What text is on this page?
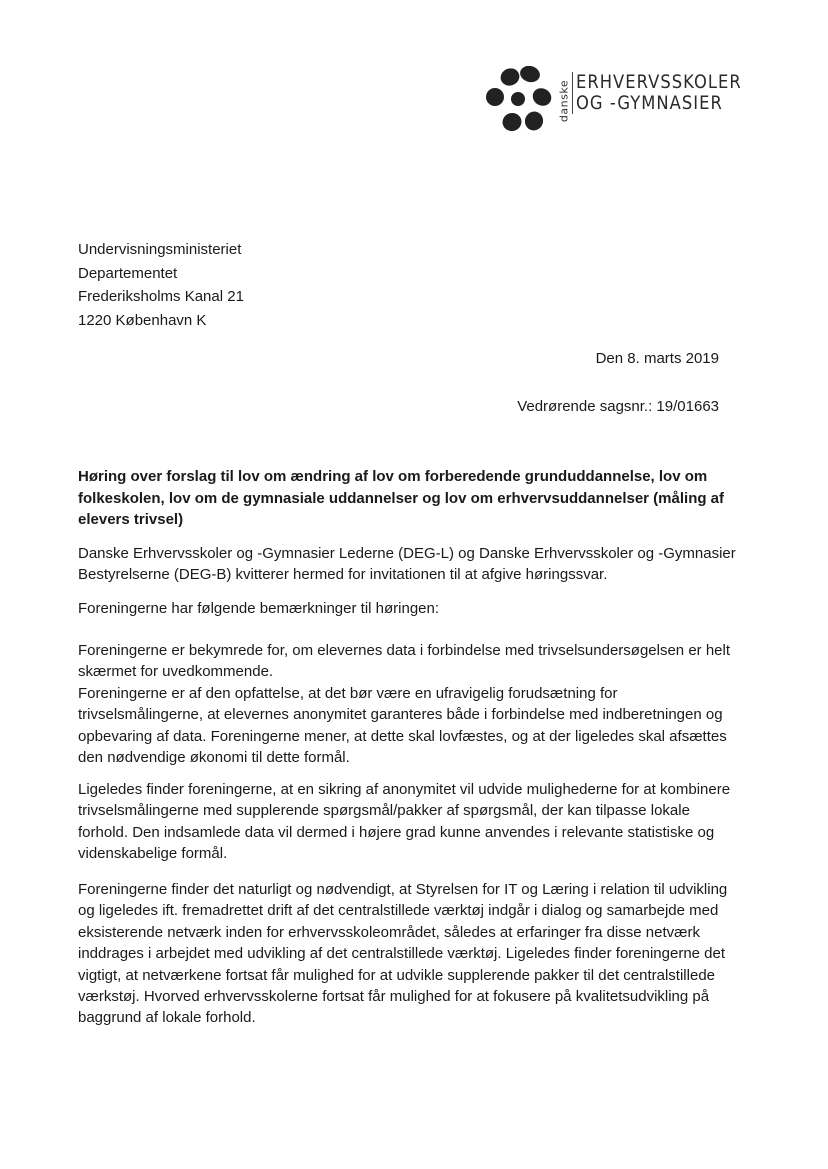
danske ERHVERVSSKOLER
OG -GYMNASIER
Undervisningsministeriet
Departementet
Frederiksholms Kanal 21
1220 København K
Den 8. marts 2019
Vedrørende sagsnr.: 19/01663
Høring over forslag til lov om ændring af lov om forberedende grunduddannelse, lov om folkeskolen, lov om de gymnasiale uddannelser og lov om erhvervsuddannelser (måling af elevers trivsel)

Danske Erhvervsskoler og -Gymnasier Lederne (DEG-L) og Danske Erhvervsskoler og -Gymnasier Bestyrelserne (DEG-B) kvitterer hermed for invitationen til at afgive høringssvar.

Foreningerne har følgende bemærkninger til høringen:

Foreningerne er bekymrede for, om elevernes data i forbindelse med trivselsundersøgelsen er helt skærmet for uvedkommende.

Foreningerne er af den opfattelse, at det bør være en ufravigelig forudsætning for trivselsmålingerne, at elevernes anonymitet garanteres både i forbindelse med indberetningen og opbevaring af data. Foreningerne mener, at dette skal lovfæstes, og at der ligeledes skal afsættes den nødvendige økonomi til dette formål.

Ligeledes finder foreningerne, at en sikring af anonymitet vil udvide mulighederne for at kombinere trivselsmålingerne med supplerende spørgsmål/pakker af spørgsmål, der kan tilpasse lokale forhold. Den indsamlede data vil dermed i højere grad kunne anvendes i relevante statistiske og videnskabelige formål.

Foreningerne finder det naturligt og nødvendigt, at Styrelsen for IT og Læring i relation til udvikling og ligeledes ift. fremadrettet drift af det centralstillede værktøj indgår i dialog og samarbejde med eksisterende netværk inden for erhvervsskoleområdet, således at erfaringer fra disse netværk inddrages i arbejdet med udvikling af det centralstillede værktøj. Ligeledes finder foreningerne det vigtigt, at netværkene fortsat får mulighed for at udvikle supplerende pakker til det centralstillede værkstøj. Hvorved erhvervsskolerne fortsat får mulighed for at fokusere på kvalitetsudvikling på baggrund af lokale forhold.
